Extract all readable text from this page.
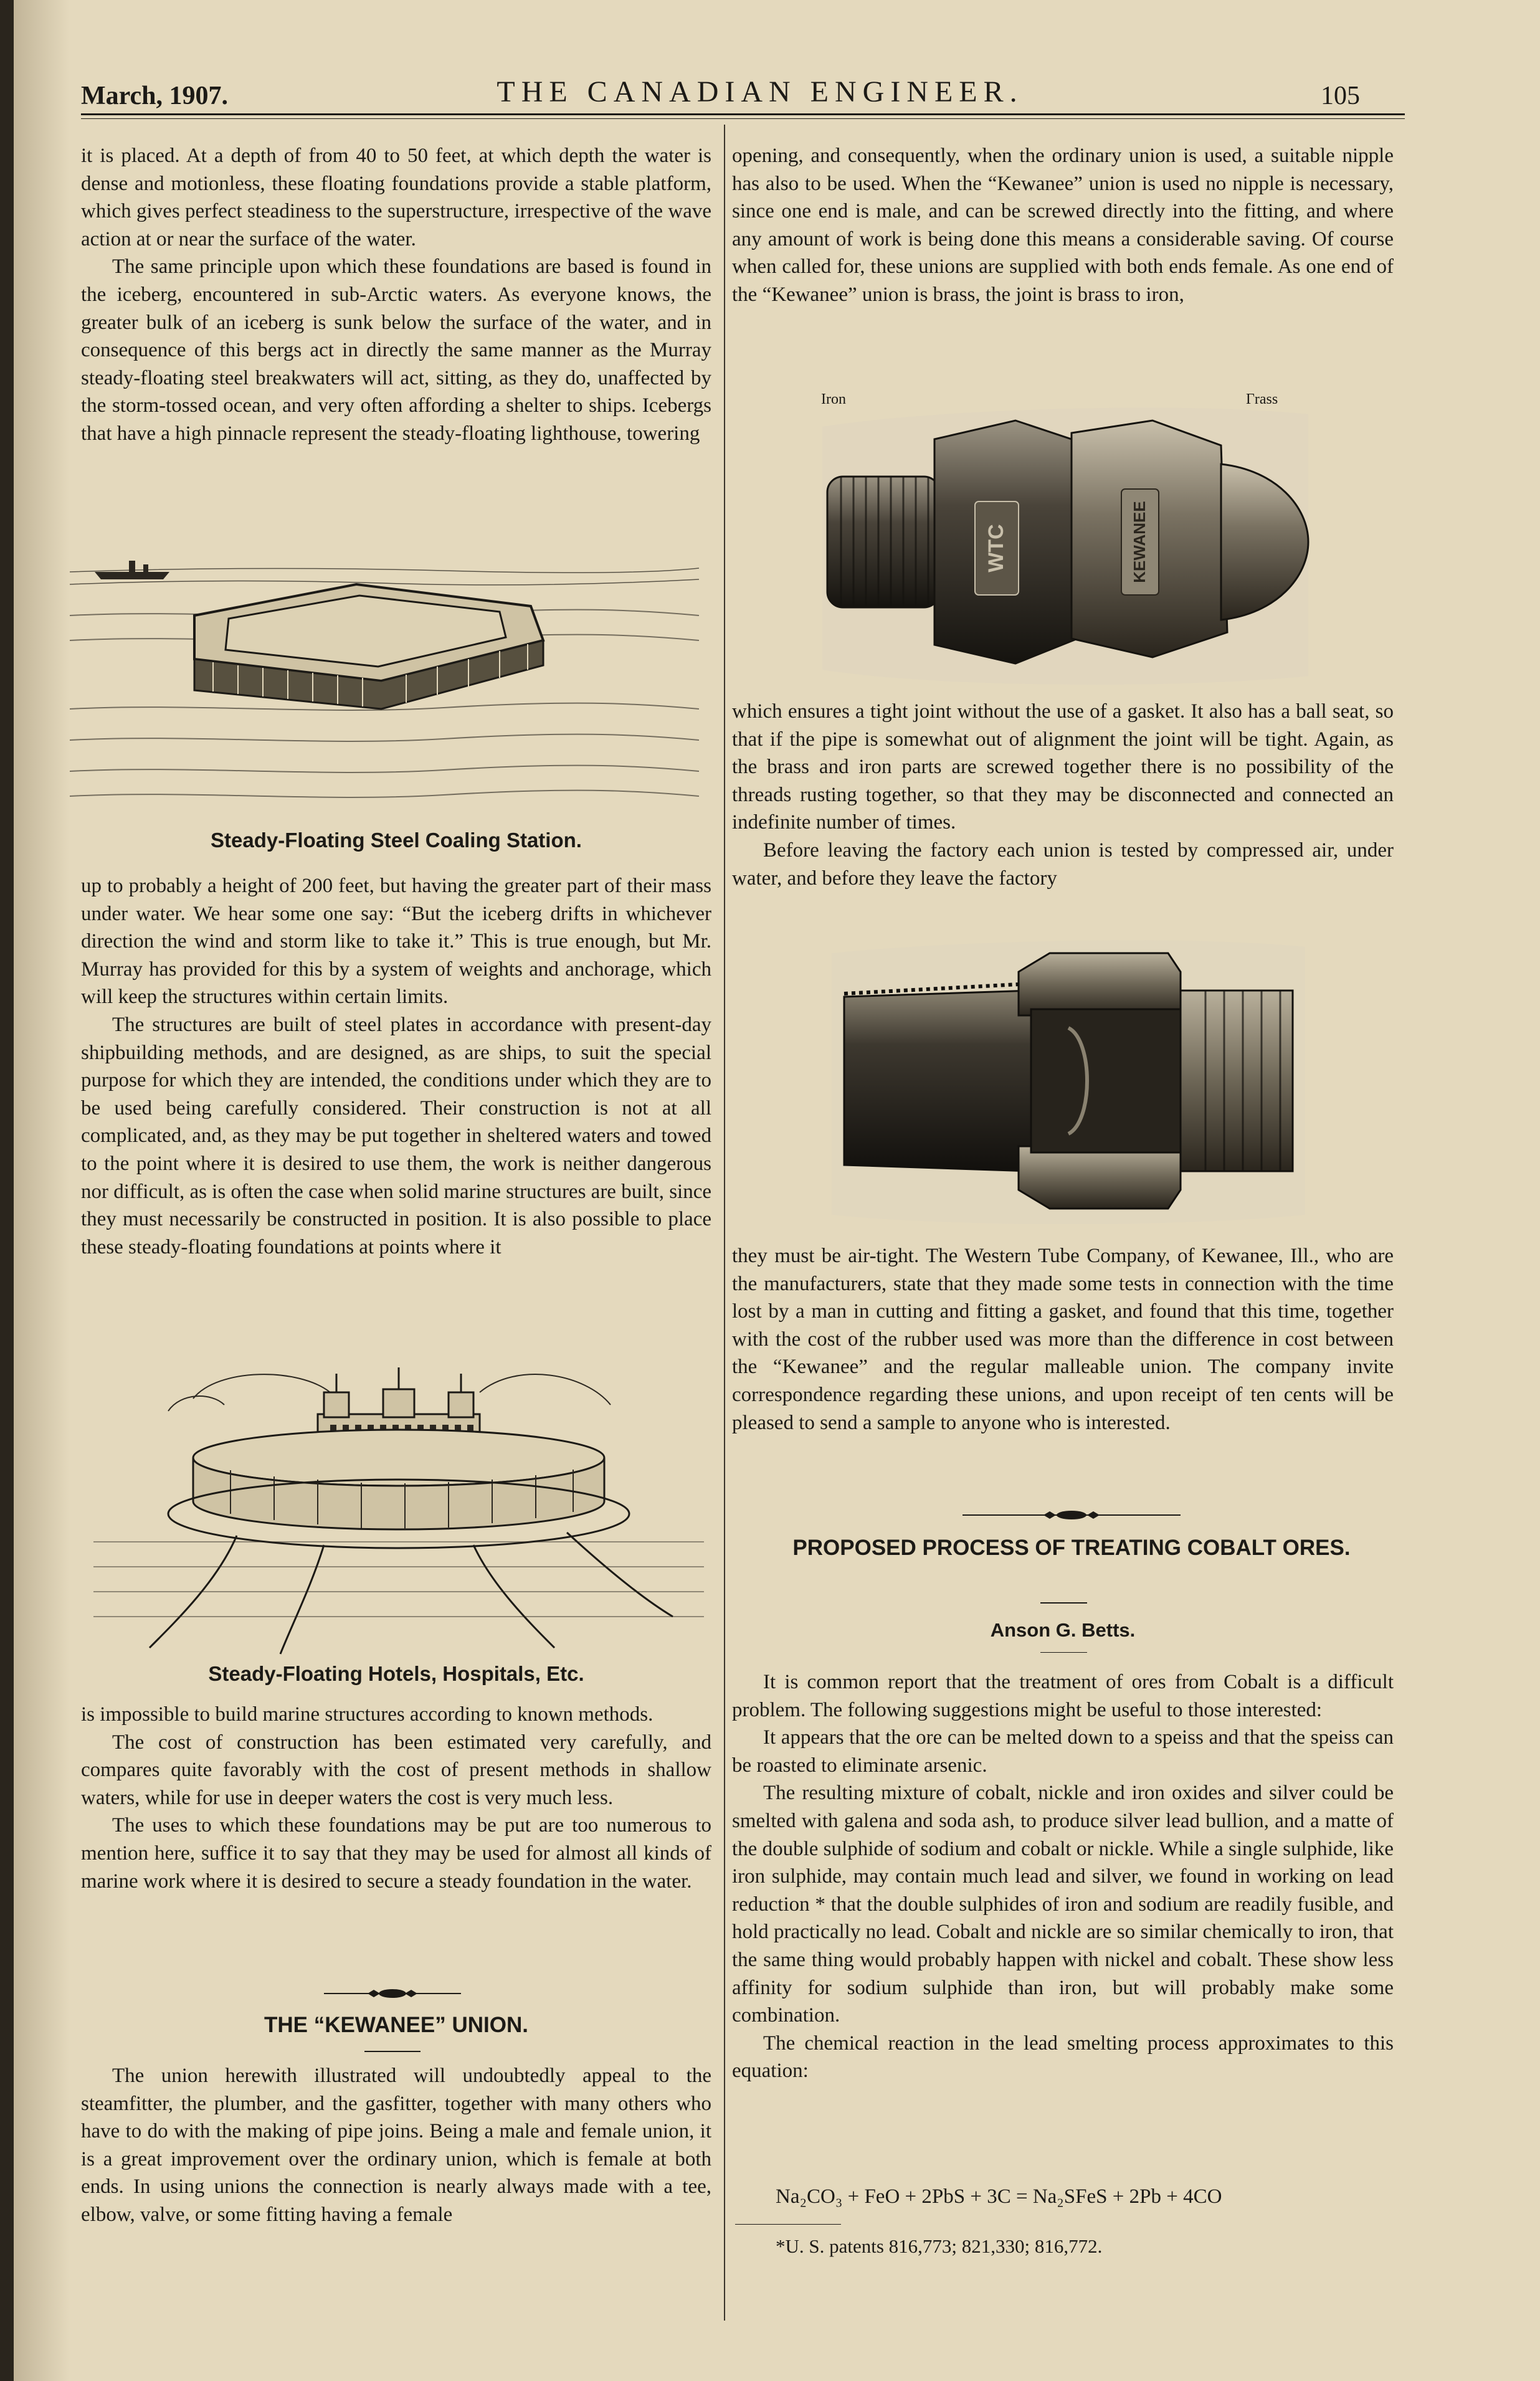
March, 1907.	THE CANADIAN ENGINEER.	105

it is placed. At a depth of from 40 to 50 feet, at which depth the water is dense and motionless, these floating foundations provide a stable platform, which gives perfect steadiness to the superstructure, irrespective of the wave action at or near the surface of the water.

The same principle upon which these foundations are based is found in the iceberg, encountered in sub-Arctic waters. As everyone knows, the greater bulk of an iceberg is sunk below the surface of the water, and in consequence of this bergs act in directly the same manner as the Murray steady-floating steel breakwaters will act, sitting, as they do, unaffected by the storm-tossed ocean, and very often affording a shelter to ships. Icebergs that have a high pinnacle represent the steady-floating lighthouse, towering

Steady-Floating Steel Coaling Station.

up to probably a height of 200 feet, but having the greater part of their mass under water. We hear some one say: “But the iceberg drifts in whichever direction the wind and storm like to take it.” This is true enough, but Mr. Murray has provided for this by a system of weights and anchorage, which will keep the structures within certain limits.

The structures are built of steel plates in accordance with present-day shipbuilding methods, and are designed, as are ships, to suit the special purpose for which they are intended, the conditions under which they are to be used being carefully considered. Their construction is not at all complicated, and, as they may be put together in sheltered waters and towed to the point where it is desired to use them, the work is neither dangerous nor difficult, as is often the case when solid marine structures are built, since they must necessarily be constructed in position. It is also possible to place these steady-floating foundations at points where it

Steady-Floating Hotels, Hospitals, Etc.

is impossible to build marine structures according to known methods.

The cost of construction has been estimated very carefully, and compares quite favorably with the cost of present methods in shallow waters, while for use in deeper waters the cost is very much less.

The uses to which these foundations may be put are too numerous to mention here, suffice it to say that they may be used for almost all kinds of marine work where it is desired to secure a steady foundation in the water.

THE “KEWANEE” UNION.

The union herewith illustrated will undoubtedly appeal to the steamfitter, the plumber, and the gasfitter, together with many others who have to do with the making of pipe joins. Being a male and female union, it is a great improvement over the ordinary union, which is female at both ends. In using unions the connection is nearly always made with a tee, elbow, valve, or some fitting having a female

opening, and consequently, when the ordinary union is used, a suitable nipple has also to be used. When the “Kewanee” union is used no nipple is necessary, since one end is male, and can be screwed directly into the fitting, and where any amount of work is being done this means a considerable saving. Of course when called for, these unions are supplied with both ends female. As one end of the “Kewanee” union is brass, the joint is brass to iron,

Iron	Γrass
WTC	KEWANEE

which ensures a tight joint without the use of a gasket. It also has a ball seat, so that if the pipe is somewhat out of alignment the joint will be tight. Again, as the brass and iron parts are screwed together there is no possibility of the threads rusting together, so that they may be disconnected and connected an indefinite number of times.

Before leaving the factory each union is tested by compressed air, under water, and before they leave the factory

they must be air-tight. The Western Tube Company, of Kewanee, Ill., who are the manufacturers, state that they made some tests in connection with the time lost by a man in cutting and fitting a gasket, and found that this time, together with the cost of the rubber used was more than the difference in cost between the “Kewanee” and the regular malleable union. The company invite correspondence regarding these unions, and upon receipt of ten cents will be pleased to send a sample to anyone who is interested.

PROPOSED PROCESS OF TREATING COBALT ORES.
Anson G. Betts.

It is common report that the treatment of ores from Cobalt is a difficult problem. The following suggestions might be useful to those interested:

It appears that the ore can be melted down to a speiss and that the speiss can be roasted to eliminate arsenic.

The resulting mixture of cobalt, nickle and iron oxides and silver could be smelted with galena and soda ash, to produce silver lead bullion, and a matte of the double sulphide of sodium and cobalt or nickle. While a single sulphide, like iron sulphide, may contain much lead and silver, we found in working on lead reduction * that the double sulphides of iron and sodium are readily fusible, and hold practically no lead. Cobalt and nickle are so similar chemically to iron, that the same thing would probably happen with nickel and cobalt. These show less affinity for sodium sulphide than iron, but will probably make some combination.

The chemical reaction in the lead smelting process approximates to this equation:

Na₂CO₃ + FeO + 2PbS + 3C = Na₂SFeS + 2Pb + 4CO
*U. S. patents 816,773; 821,330; 816,772.
